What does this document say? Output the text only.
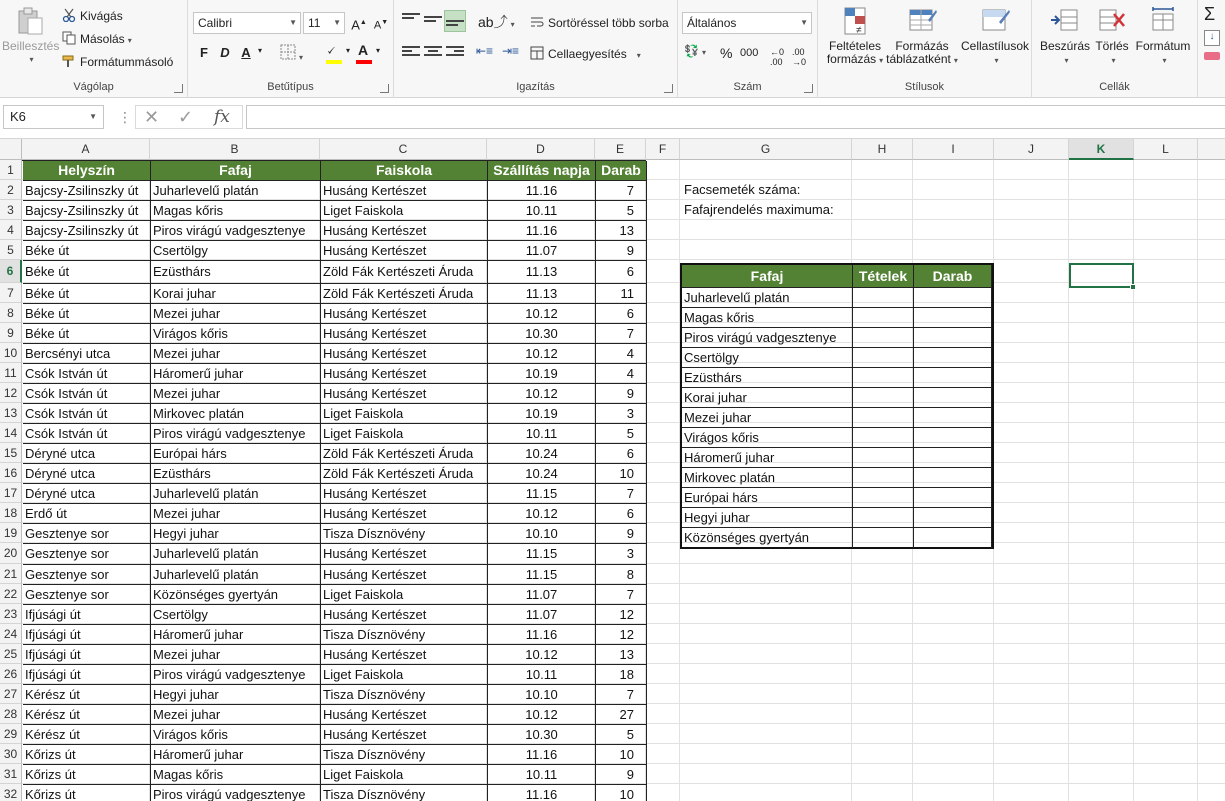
Beillesztés
▾
Kivágás
Másolás ▾
Formátummásoló
Vágólap
Calibri	▼ 11 ▼ A▲ A▼
F D A ▾
▾ 🗸 ▾ A ▾
Betűtípus
ab⤴ ▾	Sortöréssel több sorba
⇤≡ ⇥≡	Cellaegyesítés ▾
Igazítás
Általános	▼
💱 ▾ % 000 ←0
.00
.00
→0
Szám
≠
Feltételes
formázás ▾
Formázás
táblázatként ▾
Cellastílusok
▾
Stílusok
Beszúrás
▾
Törlés
▾
Formátum
▾
Cellák
Σ
↓
K6	▼ ⋮ ✕ ✓ fx
A	B	C	D	E	F	G	H	I	J	K	L
1
2
3
4
5
6
7
8
9
10
11
12
13
14
15
16
17
18
19
20
21
22
23
24
25
26
27
28
29
30
31
32
Helyszín	Fafaj	Faiskola	Szállítás napja Darab
Bajcsy-Zsilinszky út	Juharlevelű platán	Husáng Kertészet	11.16	7
Bajcsy-Zsilinszky út	Magas kőris	Liget Faiskola	10.11	5
Bajcsy-Zsilinszky út	Piros virágú vadgesztenye	Husáng Kertészet	11.16	13
Béke út	Csertölgy	Husáng Kertészet	11.07	9
Béke út	Ezüsthárs	Zöld Fák Kertészeti Áruda	11.13	6
Béke út	Korai juhar	Zöld Fák Kertészeti Áruda	11.13	11
Béke út	Mezei juhar	Husáng Kertészet	10.12	6
Béke út	Virágos kőris	Husáng Kertészet	10.30	7
Bercsényi utca	Mezei juhar	Husáng Kertészet	10.12	4
Csók István út	Háromerű juhar	Husáng Kertészet	10.19	4
Csók István út	Mezei juhar	Husáng Kertészet	10.12	9
Csók István út	Mirkovec platán	Liget Faiskola	10.19	3
Csók István út	Piros virágú vadgesztenye	Liget Faiskola	10.11	5
Déryné utca	Európai hárs	Zöld Fák Kertészeti Áruda	10.24	6
Déryné utca	Ezüsthárs	Zöld Fák Kertészeti Áruda	10.24	10
Déryné utca	Juharlevelű platán	Husáng Kertészet	11.15	7
Erdő út	Mezei juhar	Husáng Kertészet	10.12	6
Gesztenye sor	Hegyi juhar	Tisza Dísznövény	10.10	9
Gesztenye sor	Juharlevelű platán	Husáng Kertészet	11.15	3
Gesztenye sor	Juharlevelű platán	Husáng Kertészet	11.15	8
Gesztenye sor	Közönséges gyertyán	Liget Faiskola	11.07	7
Ifjúsági út	Csertölgy	Husáng Kertészet	11.07	12
Ifjúsági út	Háromerű juhar	Tisza Dísznövény	11.16	12
Ifjúsági út	Mezei juhar	Husáng Kertészet	10.12	13
Ifjúsági út	Piros virágú vadgesztenye	Liget Faiskola	10.11	18
Kérész út	Hegyi juhar	Tisza Dísznövény	10.10	7
Kérész út	Mezei juhar	Husáng Kertészet	10.12	27
Kérész út	Virágos kőris	Husáng Kertészet	10.30	5
Kőrizs út	Háromerű juhar	Tisza Dísznövény	11.16	10
Kőrizs út	Magas kőris	Liget Faiskola	10.11	9
Kőrizs út	Piros virágú vadgesztenye	Tisza Dísznövény	11.16	10
Facsemeték száma:
Fafajrendelés maximuma:
Fafaj	Tételek	Darab
Juharlevelű platán
Magas kőris
Piros virágú vadgesztenye
Csertölgy
Ezüsthárs
Korai juhar
Mezei juhar
Virágos kőris
Háromerű juhar
Mirkovec platán
Európai hárs
Hegyi juhar
Közönséges gyertyán
